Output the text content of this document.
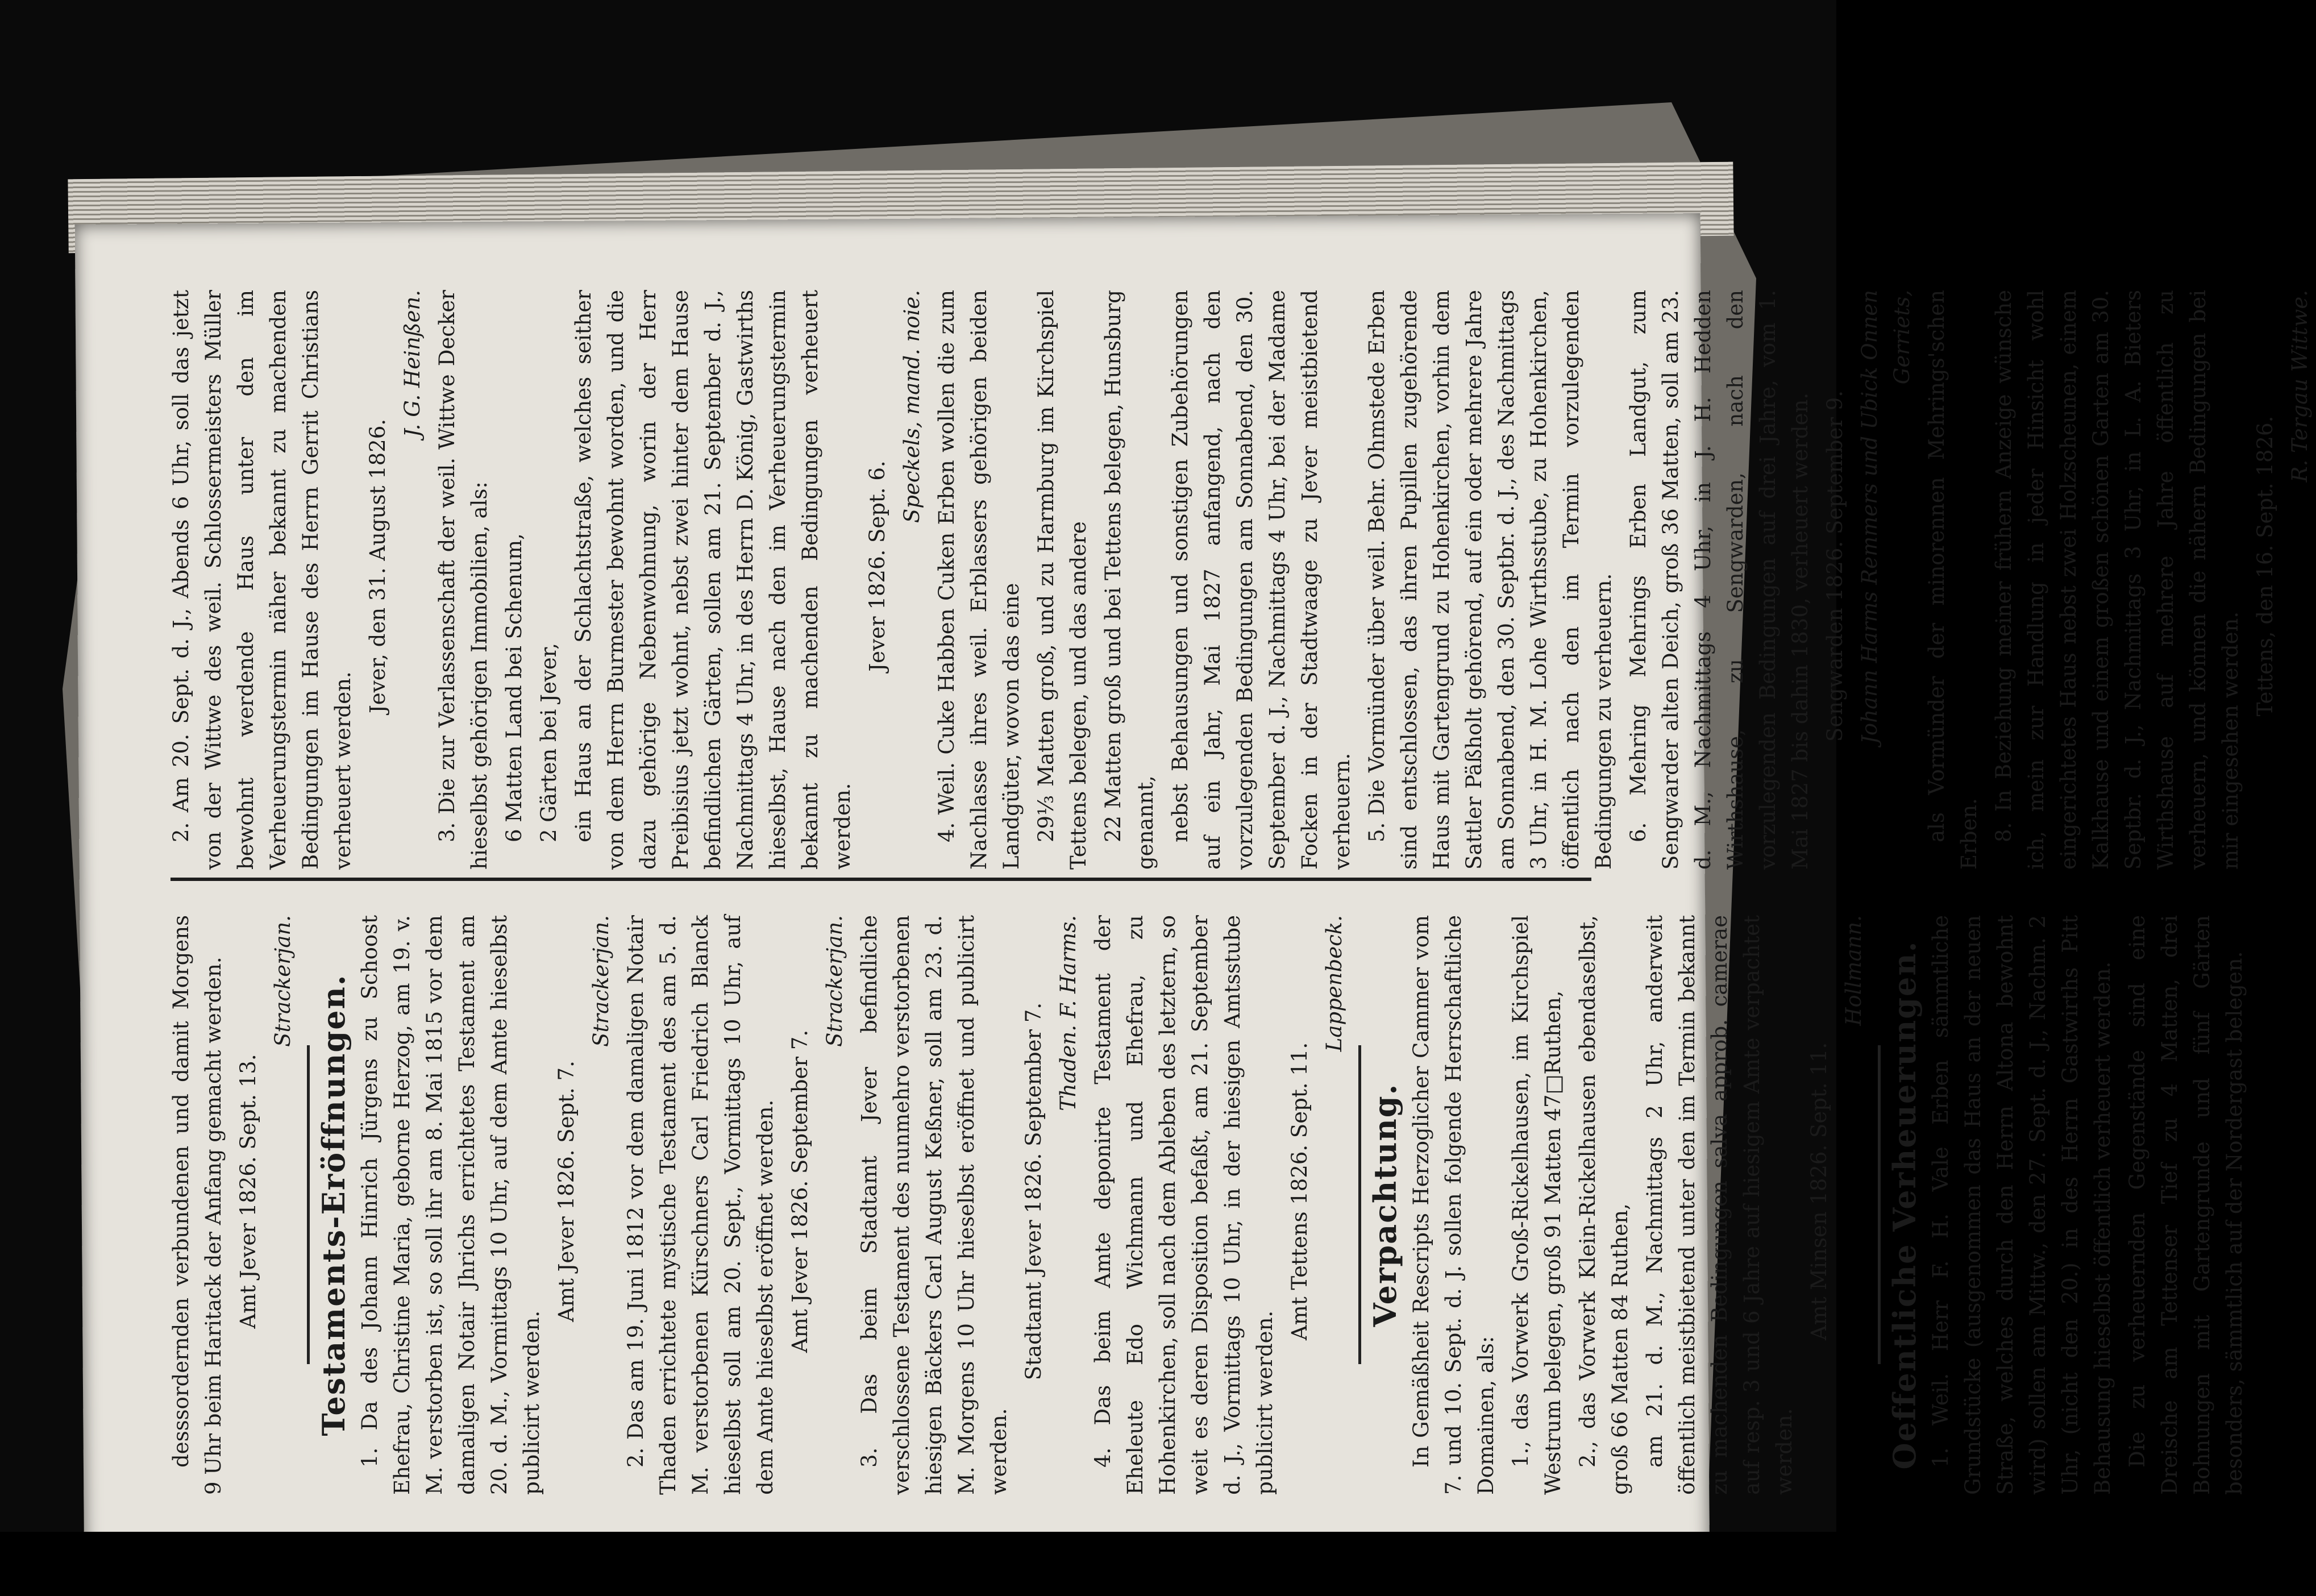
desssordernden verbundenen und damit Morgens 9 Uhr beim Haritack der Anfang gemacht werden. Amt Jever 1826. Sept. 13.

Strackerjan. Testaments-Eröffnungen. 1. Da des Johann Hinrich Jürgens zu Schoost Ehefrau, Christine Maria, geborne Herzog, am 19. v. M. verstorben ist, so soll ihr am 8. Mai 1815 vor dem damaligen Notair Jhrichs errichtetes Testament am 20. d. M., Vormittags 10 Uhr, auf dem Amte hieselbst publicirt werden.

Amt Jever 1826. Sept. 7.

Strackerjan. 2. Das am 19. Juni 1812 vor dem damaligen Notair Thaden errichtete mystische Testament des am 5. d. M. verstorbenen Kürschners Carl Friedrich Blanck hieselbst soll am 20. Sept., Vormittags 10 Uhr, auf dem Amte hieselbst eröffnet werden. Amt Jever 1826. September 7.

Strackerjan. 3. Das beim Stadtamt Jever befindliche verschlossene Testament des nunmehro verstorbenen hiesigen Bäckers Carl August Keßner, soll am 23. d. M. Morgens 10 Uhr hieselbst eröffnet und publicirt werden.

Stadtamt Jever 1826. September 7. Thaden. F. Harms. 4. Das beim Amte deponirte Testament der Eheleute Edo Wichmann und Ehefrau, zu Hohenkirchen, soll nach dem Ableben des letztern, so weit es deren Disposition befaßt, am 21. September d. J., Vormittags 10 Uhr, in der hiesigen Amtsstube publicirt werden.

Amt Tettens 1826. Sept. 11.

Lappenbeck.

Verpachtung. In Gemäßheit Rescripts Herzoglicher Cammer vom 7. und 10. Sept. d. J. sollen folgende Herrschaftliche Domainen, als: 1., das Vorwerk Groß-Rickelhausen, im Kirchspiel Westrum belegen, groß 91 Matten 47□Ruthen, 2., das Vorwerk Klein-Rickelhausen ebendaselbst, groß 66 Matten 84 Ruthen, am 21. d. M., Nachmittags 2 Uhr, anderweit öffentlich meistbietend unter den im Termin bekannt zu machenden Bedingungen salva approb. camerae auf resp. 3 und 6 Jahre auf hiesigem Amte verpachtet werden.

Amt Minsen 1826. Sept. 11.

Hollmann. Oeffentliche Verheuerungen. 1. Weil. Herr F. H. Vale Erben sämmtliche Grundstücke (ausgenommen das Haus an der neuen Straße, welches durch den Herrn Altona bewohnt wird) sollen am Mittw., den 27. Sept. d. J., Nachm. 2 Uhr, (nicht den 20.) in des Herrn Gastwirths Pitt Behausung hieselbst öffentlich verheuert werden. Die zu verheuernden Gegenstände sind eine Dreische am Tettenser Tief zu 4 Matten, drei Bohnungen mit Gartengrunde und fünf Gärten besonders, sämmtlich auf der Nordergast belegen.

2. Am 20. Sept. d. J., Abends 6 Uhr, soll das jetzt von der Wittwe des weil. Schlossermeisters Müller bewohnt werdende Haus unter den im Verheuerungstermin näher bekannt zu machenden Bedingungen im Hause des Herrn Gerrit Christians verheuert werden.

Jever, den 31. August 1826.

J. G. Heinßen. 3. Die zur Verlassenschaft der weil. Wittwe Decker hieselbst gehörigen Immobilien, als: 6 Matten Land bei Schenum, 2 Gärten bei Jever, ein Haus an der Schlachtstraße, welches seither von dem Herrn Burmester bewohnt worden, und die dazu gehörige Nebenwohnung, worin der Herr Preibisius jetzt wohnt, nebst zwei hinter dem Hause befindlichen Gärten, sollen am 21. September d. J., Nachmittags 4 Uhr, in des Herrn D. König, Gastwirths hieselbst, Hause nach den im Verheuerungstermin bekannt zu machenden Bedingungen verheuert werden.

Jever 1826. Sept. 6.

Speckels, mand. noie. 4. Weil. Cuke Habben Cuken Erben wollen die zum Nachlasse ihres weil. Erblassers gehörigen beiden Landgüter, wovon das eine 29⅓ Matten groß, und zu Harmburg im Kirchspiel Tettens belegen, und das andere 22 Matten groß und bei Tettens belegen, Hunsburg genannt, nebst Behausungen und sonstigen Zubehörungen auf ein Jahr, Mai 1827 anfangend, nach den vorzulegenden Bedingungen am Sonnabend, den 30. September d. J., Nachmittags 4 Uhr, bei der Madame Focken in der Stadtwaage zu Jever meistbietend verheuern. 5. Die Vormünder über weil. Behr. Ohmstede Erben sind entschlossen, das ihren Pupillen zugehörende Haus mit Gartengrund zu Hohenkirchen, vorhin dem Sattler Päßholt gehörend, auf ein oder mehrere Jahre am Sonnabend, den 30. Septbr. d. J., des Nachmittags 3 Uhr, in H. M. Lohe Wirthsstube, zu Hohenkirchen, öffentlich nach den im Termin vorzulegenden Bedingungen zu verheuern. 6. Mehring Mehrings Erben Landgut, zum Sengwarder alten Deich, groß 36 Matten, soll am 23. d. M., Nachmittags 4 Uhr, in J. H. Hedden Wirthshause, zu Sengwarden, nach den vorzulegenden Bedingungen auf drei Jahre, vom 1. Mai 1827 bis dahin 1830, verheuert werden. Sengwarden 1826. September 9. Johann Harms Remmers und Ubick Onnen Gerriets, als Vormünder der minorennen Mehrings'schen Erben. 8. In Beziehung meiner frühern Anzeige wünsche ich, mein zur Handlung in jeder Hinsicht wohl eingerichtetes Haus nebst zwei Holzscheunen, einem Kalkhause und einem großen schönen Garten am 30. Septbr. d. J., Nachmittags 3 Uhr, in L. A. Bieters Wirthshause auf mehrere Jahre öffentlich zu verheuern, und können die nähern Bedingungen bei mir eingesehen werden.

Tettens, den 16. Sept. 1826.

R. Tergau Wittwe.
